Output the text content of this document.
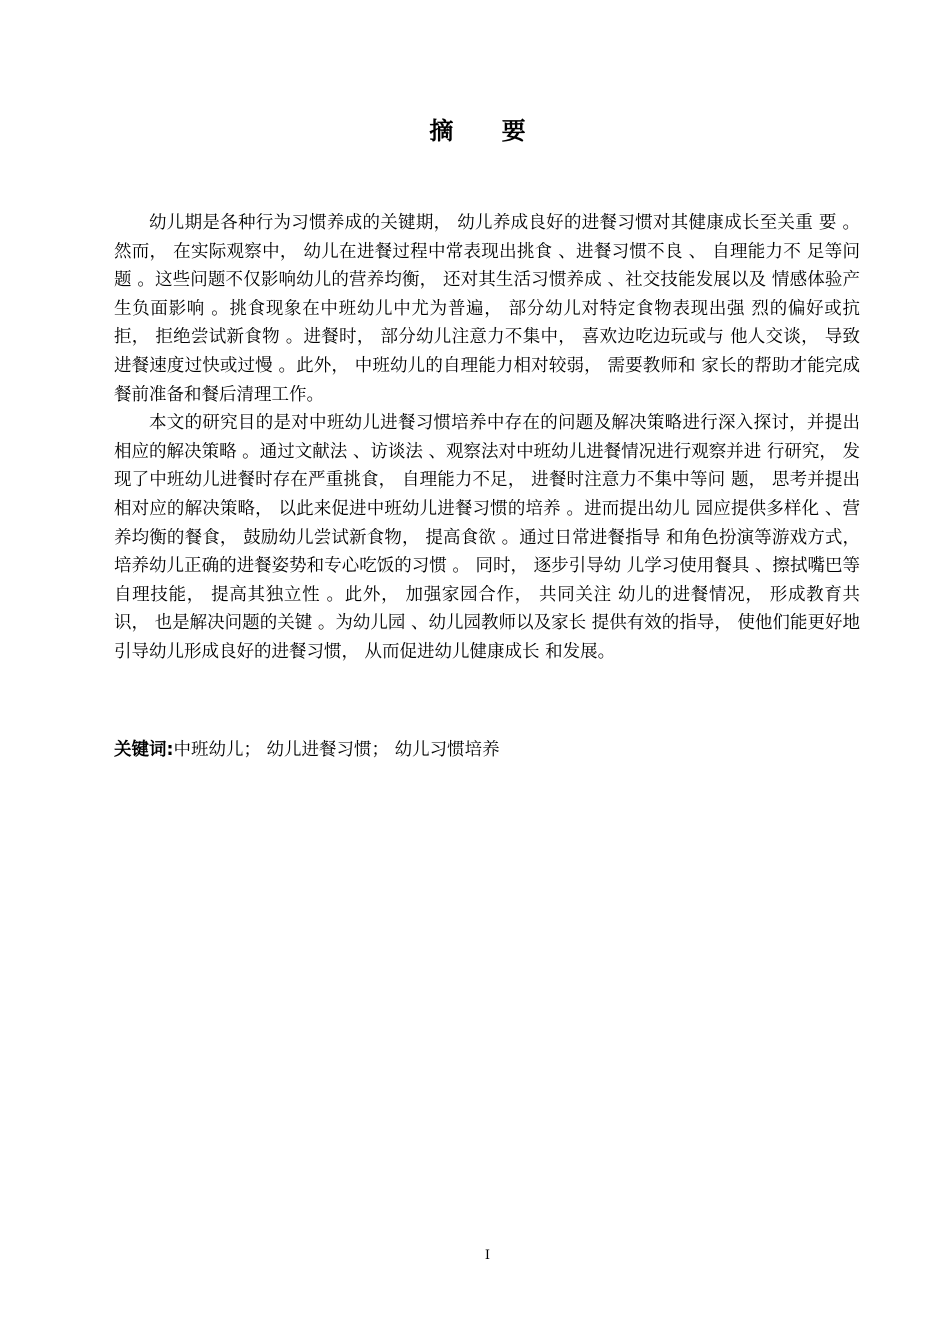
摘 要

幼儿期是各种行为习惯养成的关键期， 幼儿养成良好的进餐习惯对其健康成长至关重 要 。然而， 在实际观察中， 幼儿在进餐过程中常表现出挑食 、进餐习惯不良 、 自理能力不 足等问题 。这些问题不仅影响幼儿的营养均衡， 还对其生活习惯养成 、社交技能发展以及 情感体验产生负面影响 。挑食现象在中班幼儿中尤为普遍， 部分幼儿对特定食物表现出强 烈的偏好或抗拒， 拒绝尝试新食物 。进餐时， 部分幼儿注意力不集中， 喜欢边吃边玩或与 他人交谈， 导致进餐速度过快或过慢 。此外， 中班幼儿的自理能力相对较弱， 需要教师和 家长的帮助才能完成餐前准备和餐后清理工作。

本文的研究目的是对中班幼儿进餐习惯培养中存在的问题及解决策略进行深入探讨，并提出相应的解决策略 。通过文献法 、访谈法 、观察法对中班幼儿进餐情况进行观察并进 行研究， 发现了中班幼儿进餐时存在严重挑食， 自理能力不足， 进餐时注意力不集中等问 题， 思考并提出相对应的解决策略， 以此来促进中班幼儿进餐习惯的培养 。进而提出幼儿 园应提供多样化 、营养均衡的餐食， 鼓励幼儿尝试新食物， 提高食欲 。通过日常进餐指导 和角色扮演等游戏方式， 培养幼儿正确的进餐姿势和专心吃饭的习惯 。 同时， 逐步引导幼 儿学习使用餐具 、擦拭嘴巴等自理技能， 提高其独立性 。此外， 加强家园合作， 共同关注 幼儿的进餐情况， 形成教育共识， 也是解决问题的关键 。为幼儿园 、幼儿园教师以及家长 提供有效的指导， 使他们能更好地引导幼儿形成良好的进餐习惯， 从而促进幼儿健康成长 和发展。

关键词:中班幼儿； 幼儿进餐习惯； 幼儿习惯培养
I
